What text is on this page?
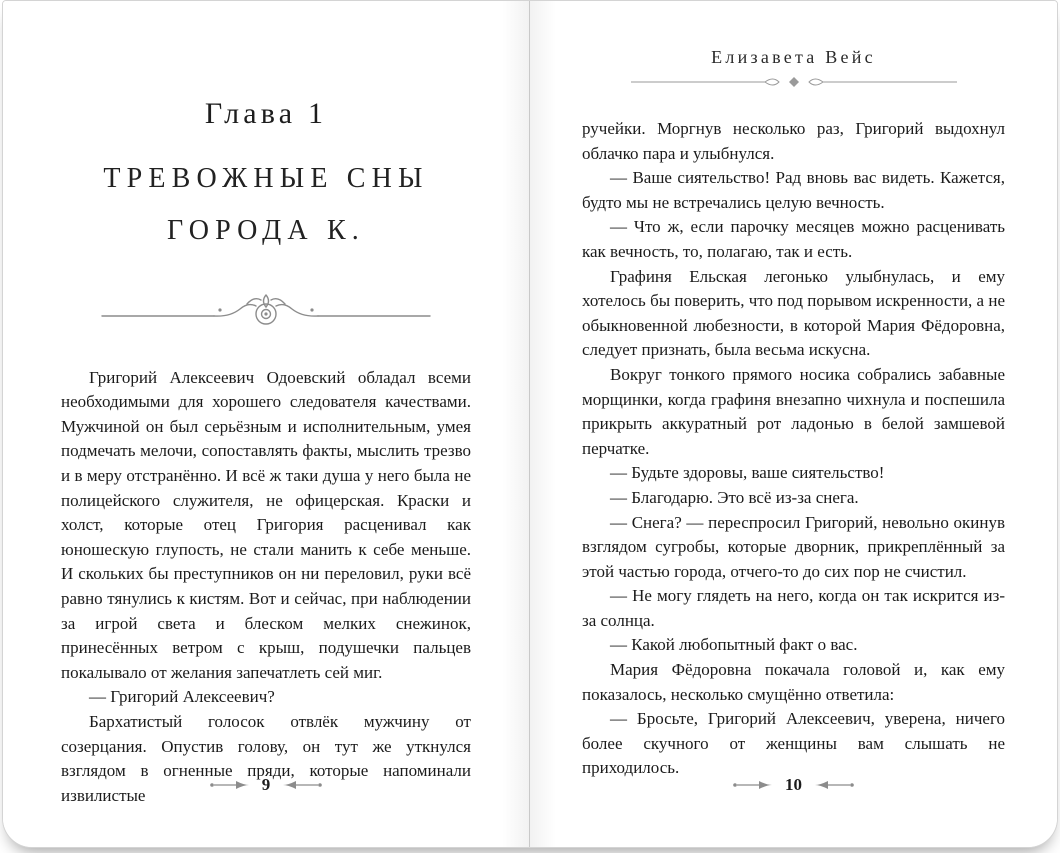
Глава 1
ТРЕВОЖНЫЕ СНЫ
ГОРОДА К.

Григорий Алексеевич Одоевский обладал всеми необходимыми для хорошего следователя качествами. Мужчиной он был серьёзным и исполнительным, умея подмечать мелочи, сопоставлять факты, мыслить трезво и в меру отстранённо. И всё ж таки душа у него была не полицейского служителя, не офицерская. Краски и холст, которые отец Григория расценивал как юношескую глупость, не стали манить к себе меньше. И скольких бы преступников он ни переловил, руки всё равно тянулись к кистям. Вот и сейчас, при наблюдении за игрой света и блеском мелких снежинок, принесённых ветром с крыш, подушечки пальцев покалывало от желания запечатлеть сей миг.

— Григорий Алексеевич?

Бархатистый голосок отвлёк мужчину от созерцания. Опустив голову, он тут же уткнулся взглядом в огненные пряди, которые напоминали извилистые

9
Елизавета Вейс

ручейки. Моргнув несколько раз, Григорий выдохнул облачко пара и улыбнулся.

— Ваше сиятельство! Рад вновь вас видеть. Кажется, будто мы не встречались целую вечность.

— Что ж, если парочку месяцев можно расценивать как вечность, то, полагаю, так и есть.

Графиня Ельская легонько улыбнулась, и ему хотелось бы поверить, что под порывом искренности, а не обыкновенной любезности, в которой Мария Фёдоровна, следует признать, была весьма искусна.

Вокруг тонкого прямого носика собрались забавные морщинки, когда графиня внезапно чихнула и поспешила прикрыть аккуратный рот ладонью в белой замшевой перчатке.

— Будьте здоровы, ваше сиятельство!

— Благодарю. Это всё из-за снега.

— Снега? — переспросил Григорий, невольно окинув взглядом сугробы, которые дворник, прикреплённый за этой частью города, отчего-то до сих пор не счистил.

— Не могу глядеть на него, когда он так искрится из-за солнца.

— Какой любопытный факт о вас.

Мария Фёдоровна покачала головой и, как ему показалось, несколько смущённо ответила:

— Бросьте, Григорий Алексеевич, уверена, ничего более скучного от женщины вам слышать не приходилось.

10
